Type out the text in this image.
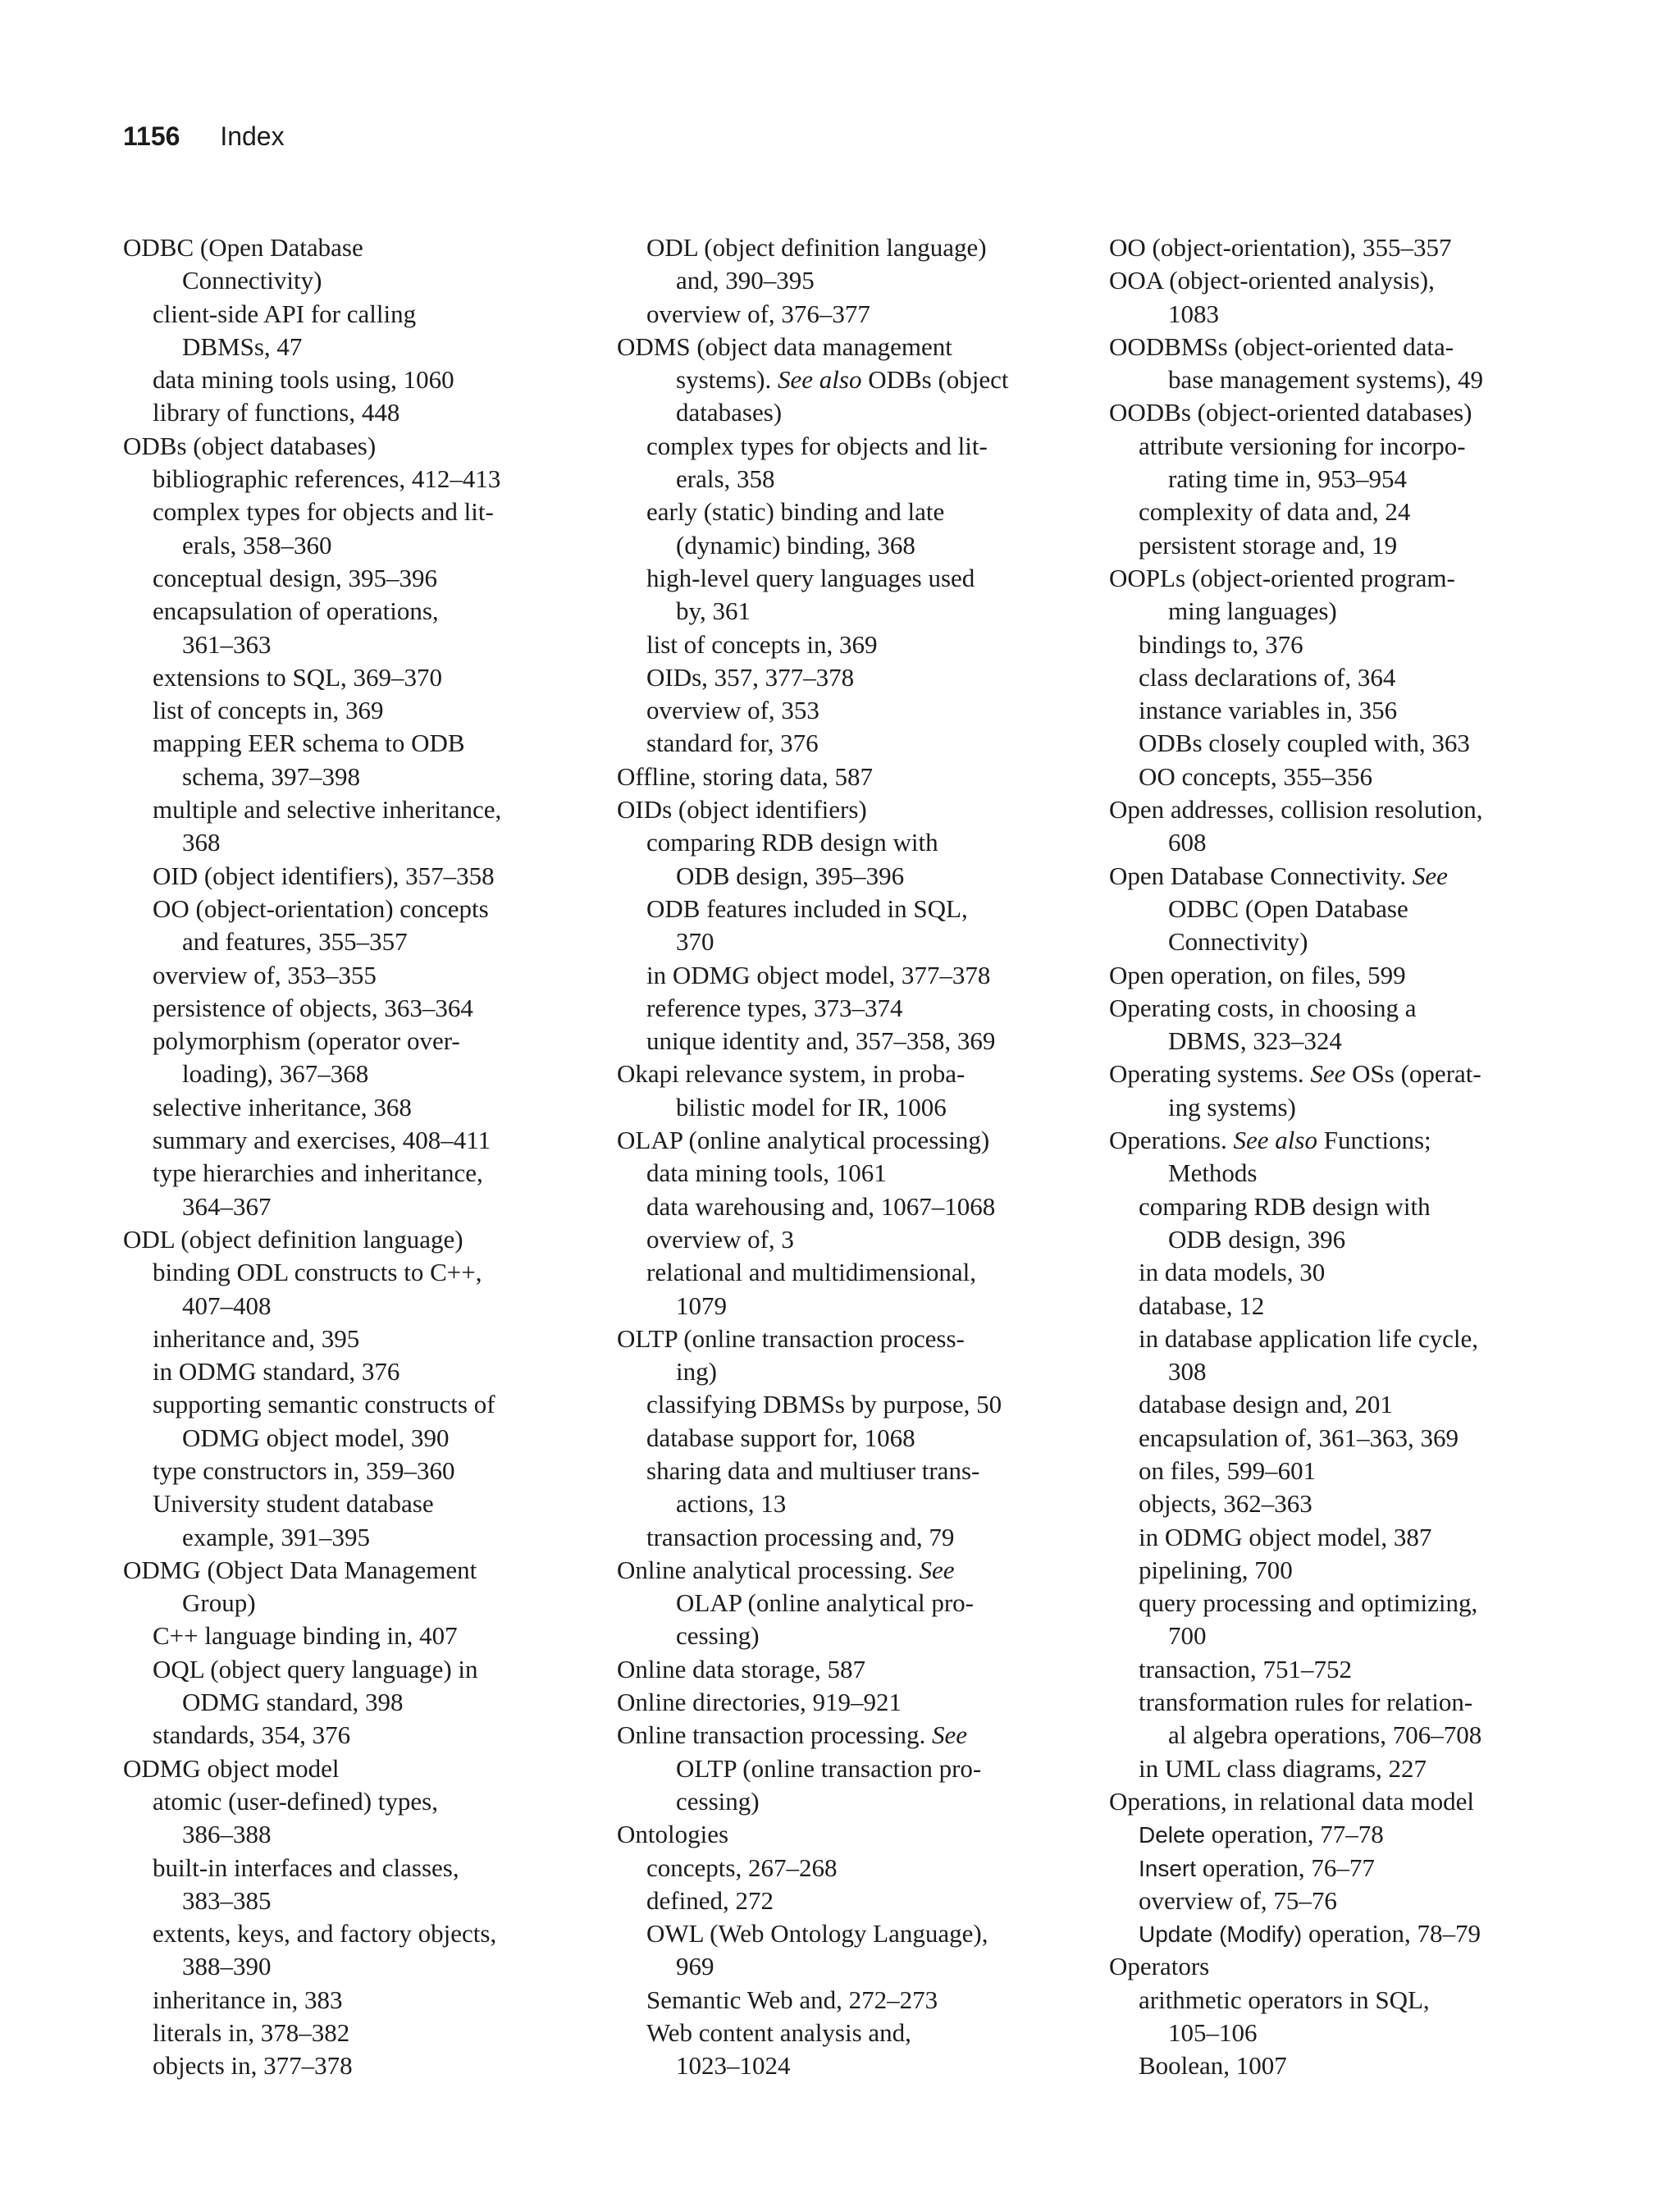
1156 Index
ODBC (Open Database
Connectivity)
client-side API for calling
DBMSs, 47
data mining tools using, 1060
library of functions, 448
ODBs (object databases)
bibliographic references, 412–413
complex types for objects and lit-
erals, 358–360
conceptual design, 395–396
encapsulation of operations,
361–363
extensions to SQL, 369–370
list of concepts in, 369
mapping EER schema to ODB
schema, 397–398
multiple and selective inheritance,
368
OID (object identifiers), 357–358
OO (object-orientation) concepts
and features, 355–357
overview of, 353–355
persistence of objects, 363–364
polymorphism (operator over-
loading), 367–368
selective inheritance, 368
summary and exercises, 408–411
type hierarchies and inheritance,
364–367
ODL (object definition language)
binding ODL constructs to C++,
407–408
inheritance and, 395
in ODMG standard, 376
supporting semantic constructs of
ODMG object model, 390
type constructors in, 359–360
University student database
example, 391–395
ODMG (Object Data Management
Group)
C++ language binding in, 407
OQL (object query language) in
ODMG standard, 398
standards, 354, 376
ODMG object model
atomic (user-defined) types,
386–388
built-in interfaces and classes,
383–385
extents, keys, and factory objects,
388–390
inheritance in, 383
literals in, 378–382
objects in, 377–378
ODL (object definition language)
and, 390–395
overview of, 376–377
ODMS (object data management
systems). See also ODBs (object
databases)
complex types for objects and lit-
erals, 358
early (static) binding and late
(dynamic) binding, 368
high-level query languages used
by, 361
list of concepts in, 369
OIDs, 357, 377–378
overview of, 353
standard for, 376
Offline, storing data, 587
OIDs (object identifiers)
comparing RDB design with
ODB design, 395–396
ODB features included in SQL,
370
in ODMG object model, 377–378
reference types, 373–374
unique identity and, 357–358, 369
Okapi relevance system, in proba-
bilistic model for IR, 1006
OLAP (online analytical processing)
data mining tools, 1061
data warehousing and, 1067–1068
overview of, 3
relational and multidimensional,
1079
OLTP (online transaction process-
ing)
classifying DBMSs by purpose, 50
database support for, 1068
sharing data and multiuser trans-
actions, 13
transaction processing and, 79
Online analytical processing. See
OLAP (online analytical pro-
cessing)
Online data storage, 587
Online directories, 919–921
Online transaction processing. See
OLTP (online transaction pro-
cessing)
Ontologies
concepts, 267–268
defined, 272
OWL (Web Ontology Language),
969
Semantic Web and, 272–273
Web content analysis and,
1023–1024
OO (object-orientation), 355–357
OOA (object-oriented analysis),
1083
OODBMSs (object-oriented data-
base management systems), 49
OODBs (object-oriented databases)
attribute versioning for incorpo-
rating time in, 953–954
complexity of data and, 24
persistent storage and, 19
OOPLs (object-oriented program-
ming languages)
bindings to, 376
class declarations of, 364
instance variables in, 356
ODBs closely coupled with, 363
OO concepts, 355–356
Open addresses, collision resolution,
608
Open Database Connectivity. See
ODBC (Open Database
Connectivity)
Open operation, on files, 599
Operating costs, in choosing a
DBMS, 323–324
Operating systems. See OSs (operat-
ing systems)
Operations. See also Functions;
Methods
comparing RDB design with
ODB design, 396
in data models, 30
database, 12
in database application life cycle,
308
database design and, 201
encapsulation of, 361–363, 369
on files, 599–601
objects, 362–363
in ODMG object model, 387
pipelining, 700
query processing and optimizing,
700
transaction, 751–752
transformation rules for relation-
al algebra operations, 706–708
in UML class diagrams, 227
Operations, in relational data model
Delete operation, 77–78
Insert operation, 76–77
overview of, 75–76
Update (Modify) operation, 78–79
Operators
arithmetic operators in SQL,
105–106
Boolean, 1007
